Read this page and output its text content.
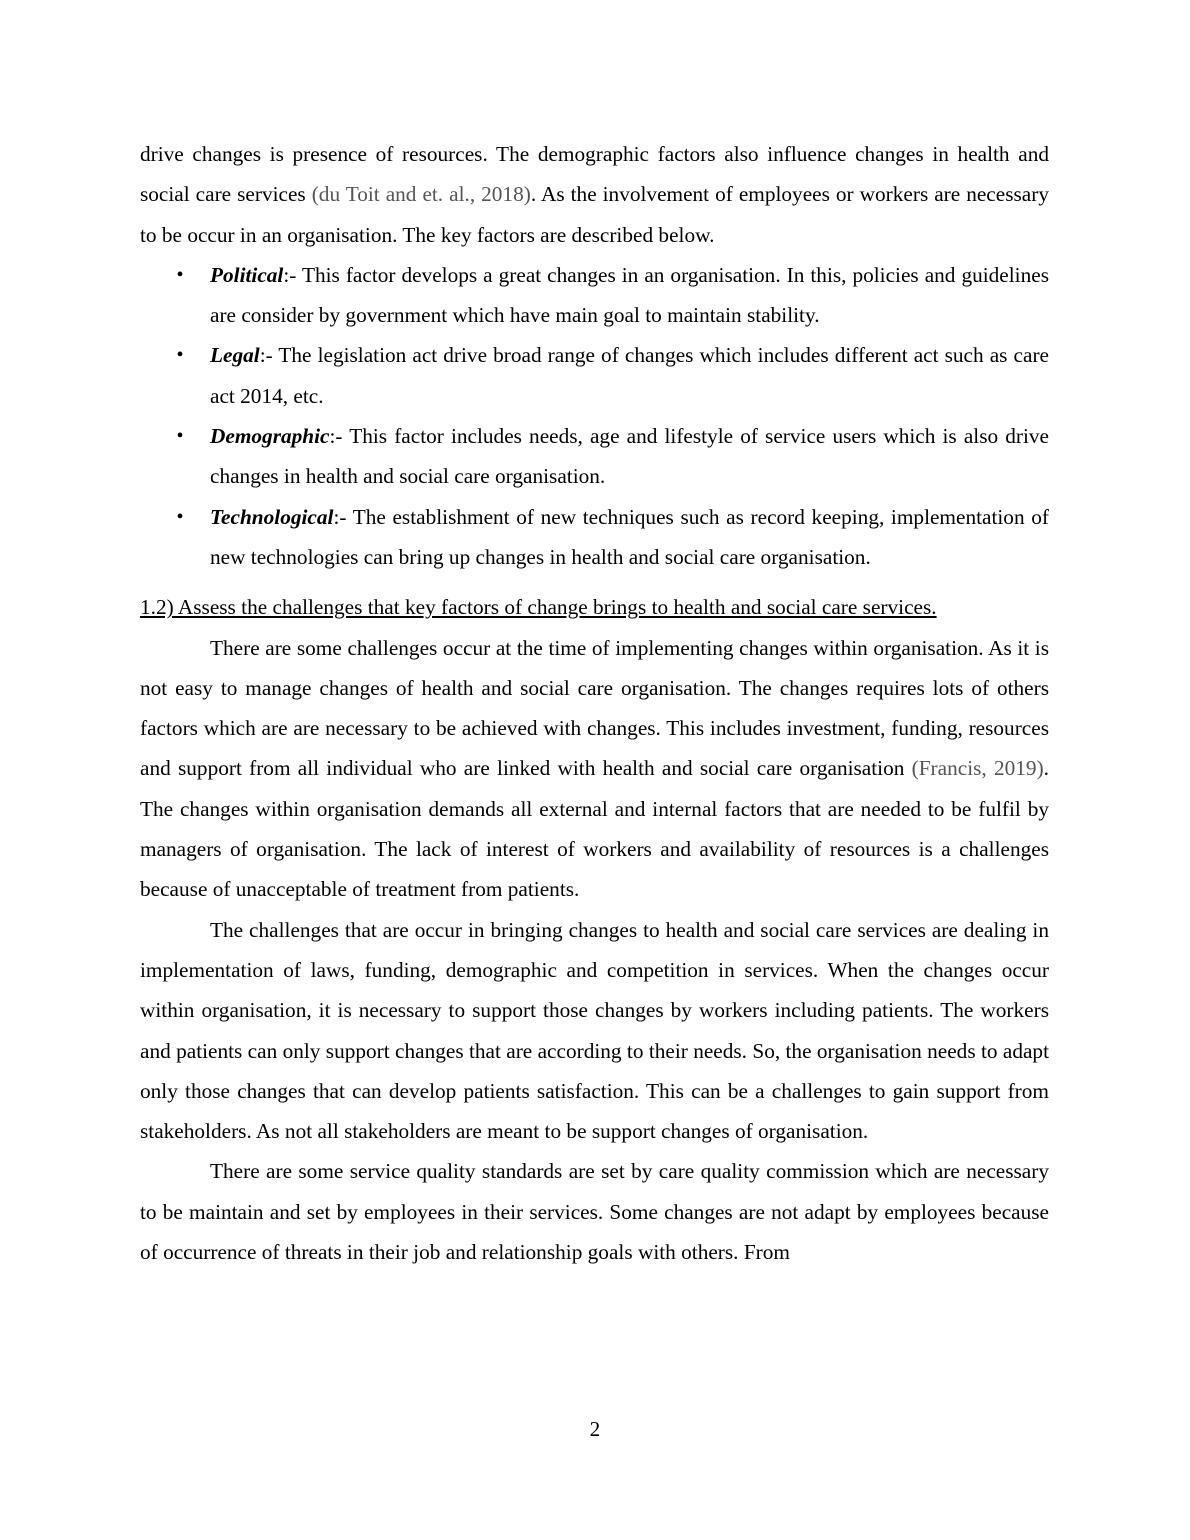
drive changes is presence of resources. The demographic factors also influence changes in health and social care services (du Toit and et. al., 2018). As the involvement of employees or workers are necessary to be occur in an organisation. The key factors are described below.

• Political:- This factor develops a great changes in an organisation. In this, policies and guidelines are consider by government which have main goal to maintain stability.
• Legal:- The legislation act drive broad range of changes which includes different act such as care act 2014, etc.
• Demographic:- This factor includes needs, age and lifestyle of service users which is also drive changes in health and social care organisation.
• Technological:- The establishment of new techniques such as record keeping, implementation of new technologies can bring up changes in health and social care organisation.

1.2) Assess the challenges that key factors of change brings to health and social care services.

There are some challenges occur at the time of implementing changes within organisation. As it is not easy to manage changes of health and social care organisation. The changes requires lots of others factors which are are necessary to be achieved with changes. This includes investment, funding, resources and support from all individual who are linked with health and social care organisation (Francis, 2019). The changes within organisation demands all external and internal factors that are needed to be fulfil by managers of organisation. The lack of interest of workers and availability of resources is a challenges because of unacceptable of treatment from patients.

The challenges that are occur in bringing changes to health and social care services are dealing in implementation of laws, funding, demographic and competition in services. When the changes occur within organisation, it is necessary to support those changes by workers including patients. The workers and patients can only support changes that are according to their needs. So, the organisation needs to adapt only those changes that can develop patients satisfaction. This can be a challenges to gain support from stakeholders. As not all stakeholders are meant to be support changes of organisation.

There are some service quality standards are set by care quality commission which are necessary to be maintain and set by employees in their services. Some changes are not adapt by employees because of occurrence of threats in their job and relationship goals with others. From

2
